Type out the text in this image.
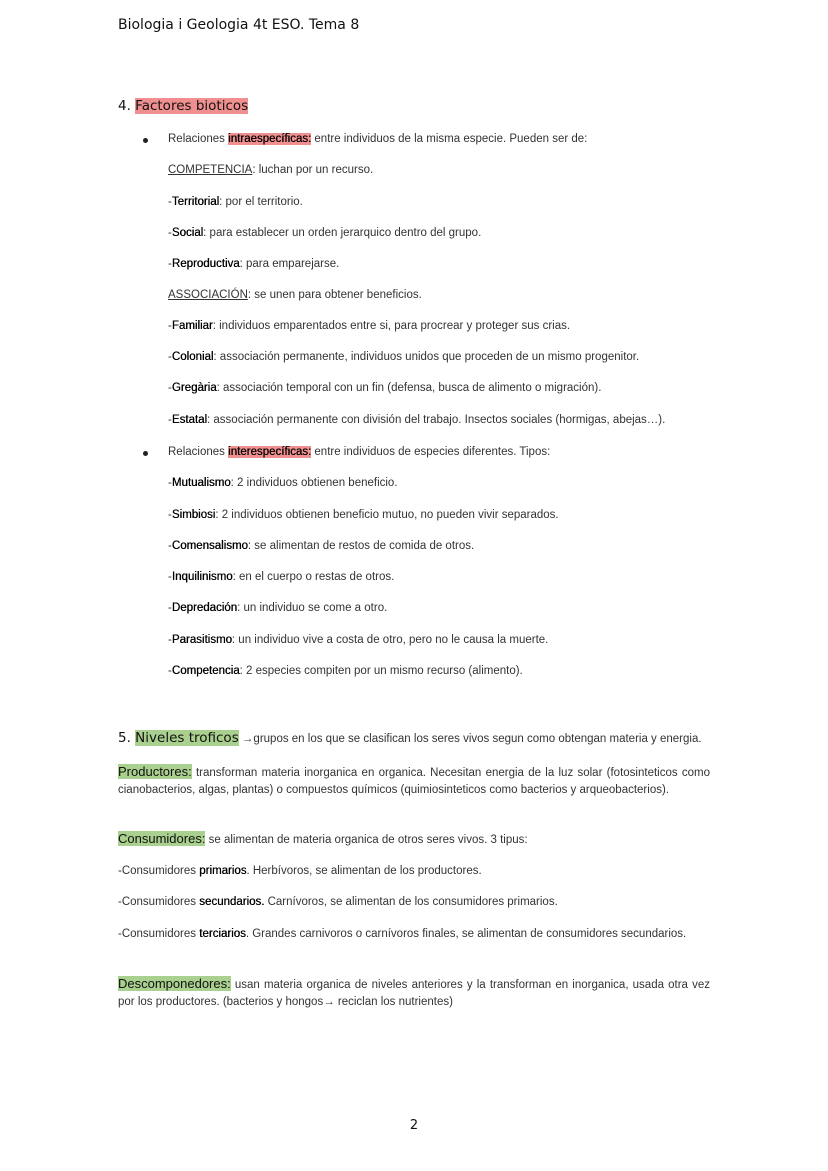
Biologia i Geologia 4t ESO. Tema 8
4. Factores bioticos
Relaciones intraespecíficas: entre individuos de la misma especie. Pueden ser de:
COMPETENCIA: luchan por un recurso.
-Territorial: por el territorio.
-Social: para establecer un orden jerarquico dentro del grupo.
-Reproductiva: para emparejarse.
ASSOCIACIÓN: se unen para obtener beneficios.
-Familiar: individuos emparentados entre si, para procrear y proteger sus crias.
-Colonial: associación permanente, individuos unidos que proceden de un mismo progenitor.
-Gregària: associación temporal con un fin (defensa, busca de alimento o migración).
-Estatal: associación permanente con división del trabajo. Insectos sociales (hormigas, abejas…).
Relaciones interespecíficas: entre individuos de especies diferentes. Tipos:
-Mutualismo: 2 individuos obtienen beneficio.
-Simbiosi: 2 individuos obtienen beneficio mutuo, no pueden vivir separados.
-Comensalismo: se alimentan de restos de comida de otros.
-Inquilinismo: en el cuerpo o restas de otros.
-Depredación: un individuo se come a otro.
-Parasitismo: un individuo vive a costa de otro, pero no le causa la muerte.
-Competencia: 2 especies compiten por un mismo recurso (alimento).
5. Niveles troficos →grupos en los que se clasifican los seres vivos segun como obtengan materia y energia.
Productores: transforman materia inorganica en organica. Necesitan energia de la luz solar (fotosinteticos como cianobacterios, algas, plantas) o compuestos químicos (quimiosinteticos como bacterios y arqueobacterios).
Consumidores: se alimentan de materia organica de otros seres vivos. 3 tipus:
-Consumidores primarios. Herbívoros, se alimentan de los productores.
-Consumidores secundarios. Carnívoros, se alimentan de los consumidores primarios.
-Consumidores terciarios. Grandes carnivoros o carnívoros finales, se alimentan de consumidores secundarios.
Descomponedores: usan materia organica de niveles anteriores y la transforman en inorganica, usada otra vez por los productores. (bacterios y hongos→ reciclan los nutrientes)
2
